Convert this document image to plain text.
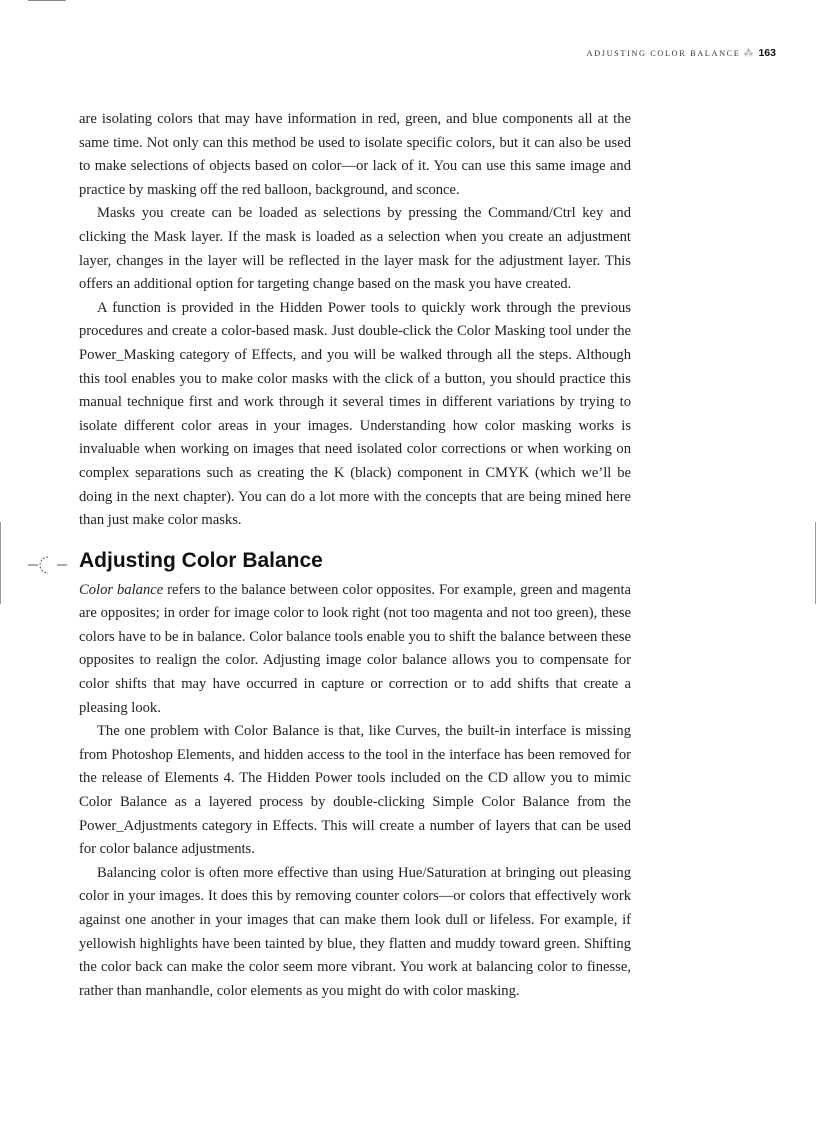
ADJUSTING COLOR BALANCE ⁂ 163

are isolating colors that may have information in red, green, and blue components all at the same time. Not only can this method be used to isolate specific colors, but it can also be used to make selections of objects based on color—or lack of it. You can use this same image and practice by masking off the red balloon, background, and sconce.

Masks you create can be loaded as selections by pressing the Command/Ctrl key and clicking the Mask layer. If the mask is loaded as a selection when you create an adjustment layer, changes in the layer will be reflected in the layer mask for the adjustment layer. This offers an additional option for targeting change based on the mask you have created.

A function is provided in the Hidden Power tools to quickly work through the previous procedures and create a color-based mask. Just double-click the Color Masking tool under the Power_Masking category of Effects, and you will be walked through all the steps. Although this tool enables you to make color masks with the click of a button, you should practice this manual technique first and work through it several times in different variations by trying to isolate different color areas in your images. Understanding how color masking works is invaluable when working on images that need isolated color corrections or when working on complex separations such as creating the K (black) component in CMYK (which we’ll be doing in the next chapter). You can do a lot more with the concepts that are being mined here than just make color masks.

Adjusting Color Balance

Color balance refers to the balance between color opposites. For example, green and magenta are opposites; in order for image color to look right (not too magenta and not too green), these colors have to be in balance. Color balance tools enable you to shift the balance between these opposites to realign the color. Adjusting image color balance allows you to compensate for color shifts that may have occurred in capture or correction or to add shifts that create a pleasing look.

The one problem with Color Balance is that, like Curves, the built-in interface is missing from Photoshop Elements, and hidden access to the tool in the interface has been removed for the release of Elements 4. The Hidden Power tools included on the CD allow you to mimic Color Balance as a layered process by double-clicking Simple Color Balance from the Power_Adjustments category in Effects. This will create a number of layers that can be used for color balance adjustments.

Balancing color is often more effective than using Hue/Saturation at bringing out pleasing color in your images. It does this by removing counter colors—or colors that effectively work against one another in your images that can make them look dull or lifeless. For example, if yellowish highlights have been tainted by blue, they flatten and muddy toward green. Shifting the color back can make the color seem more vibrant. You work at balancing color to finesse, rather than manhandle, color elements as you might do with color masking.
